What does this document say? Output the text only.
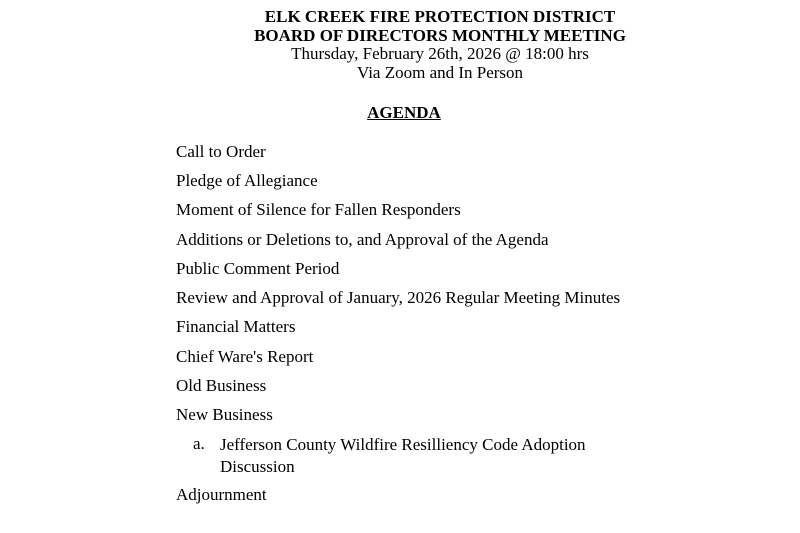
ELK CREEK FIRE PROTECTION DISTRICT
BOARD OF DIRECTORS MONTHLY MEETING
Thursday, February 26th, 2026 @ 18:00 hrs
Via Zoom and In Person
AGENDA
Call to Order
Pledge of Allegiance
Moment of Silence for Fallen Responders
Additions or Deletions to, and Approval of the Agenda
Public Comment Period
Review and Approval of January, 2026 Regular Meeting Minutes
Financial Matters
Chief Ware's Report
Old Business
New Business
a. Jefferson County Wildfire Resilliency Code Adoption Discussion
Adjournment
